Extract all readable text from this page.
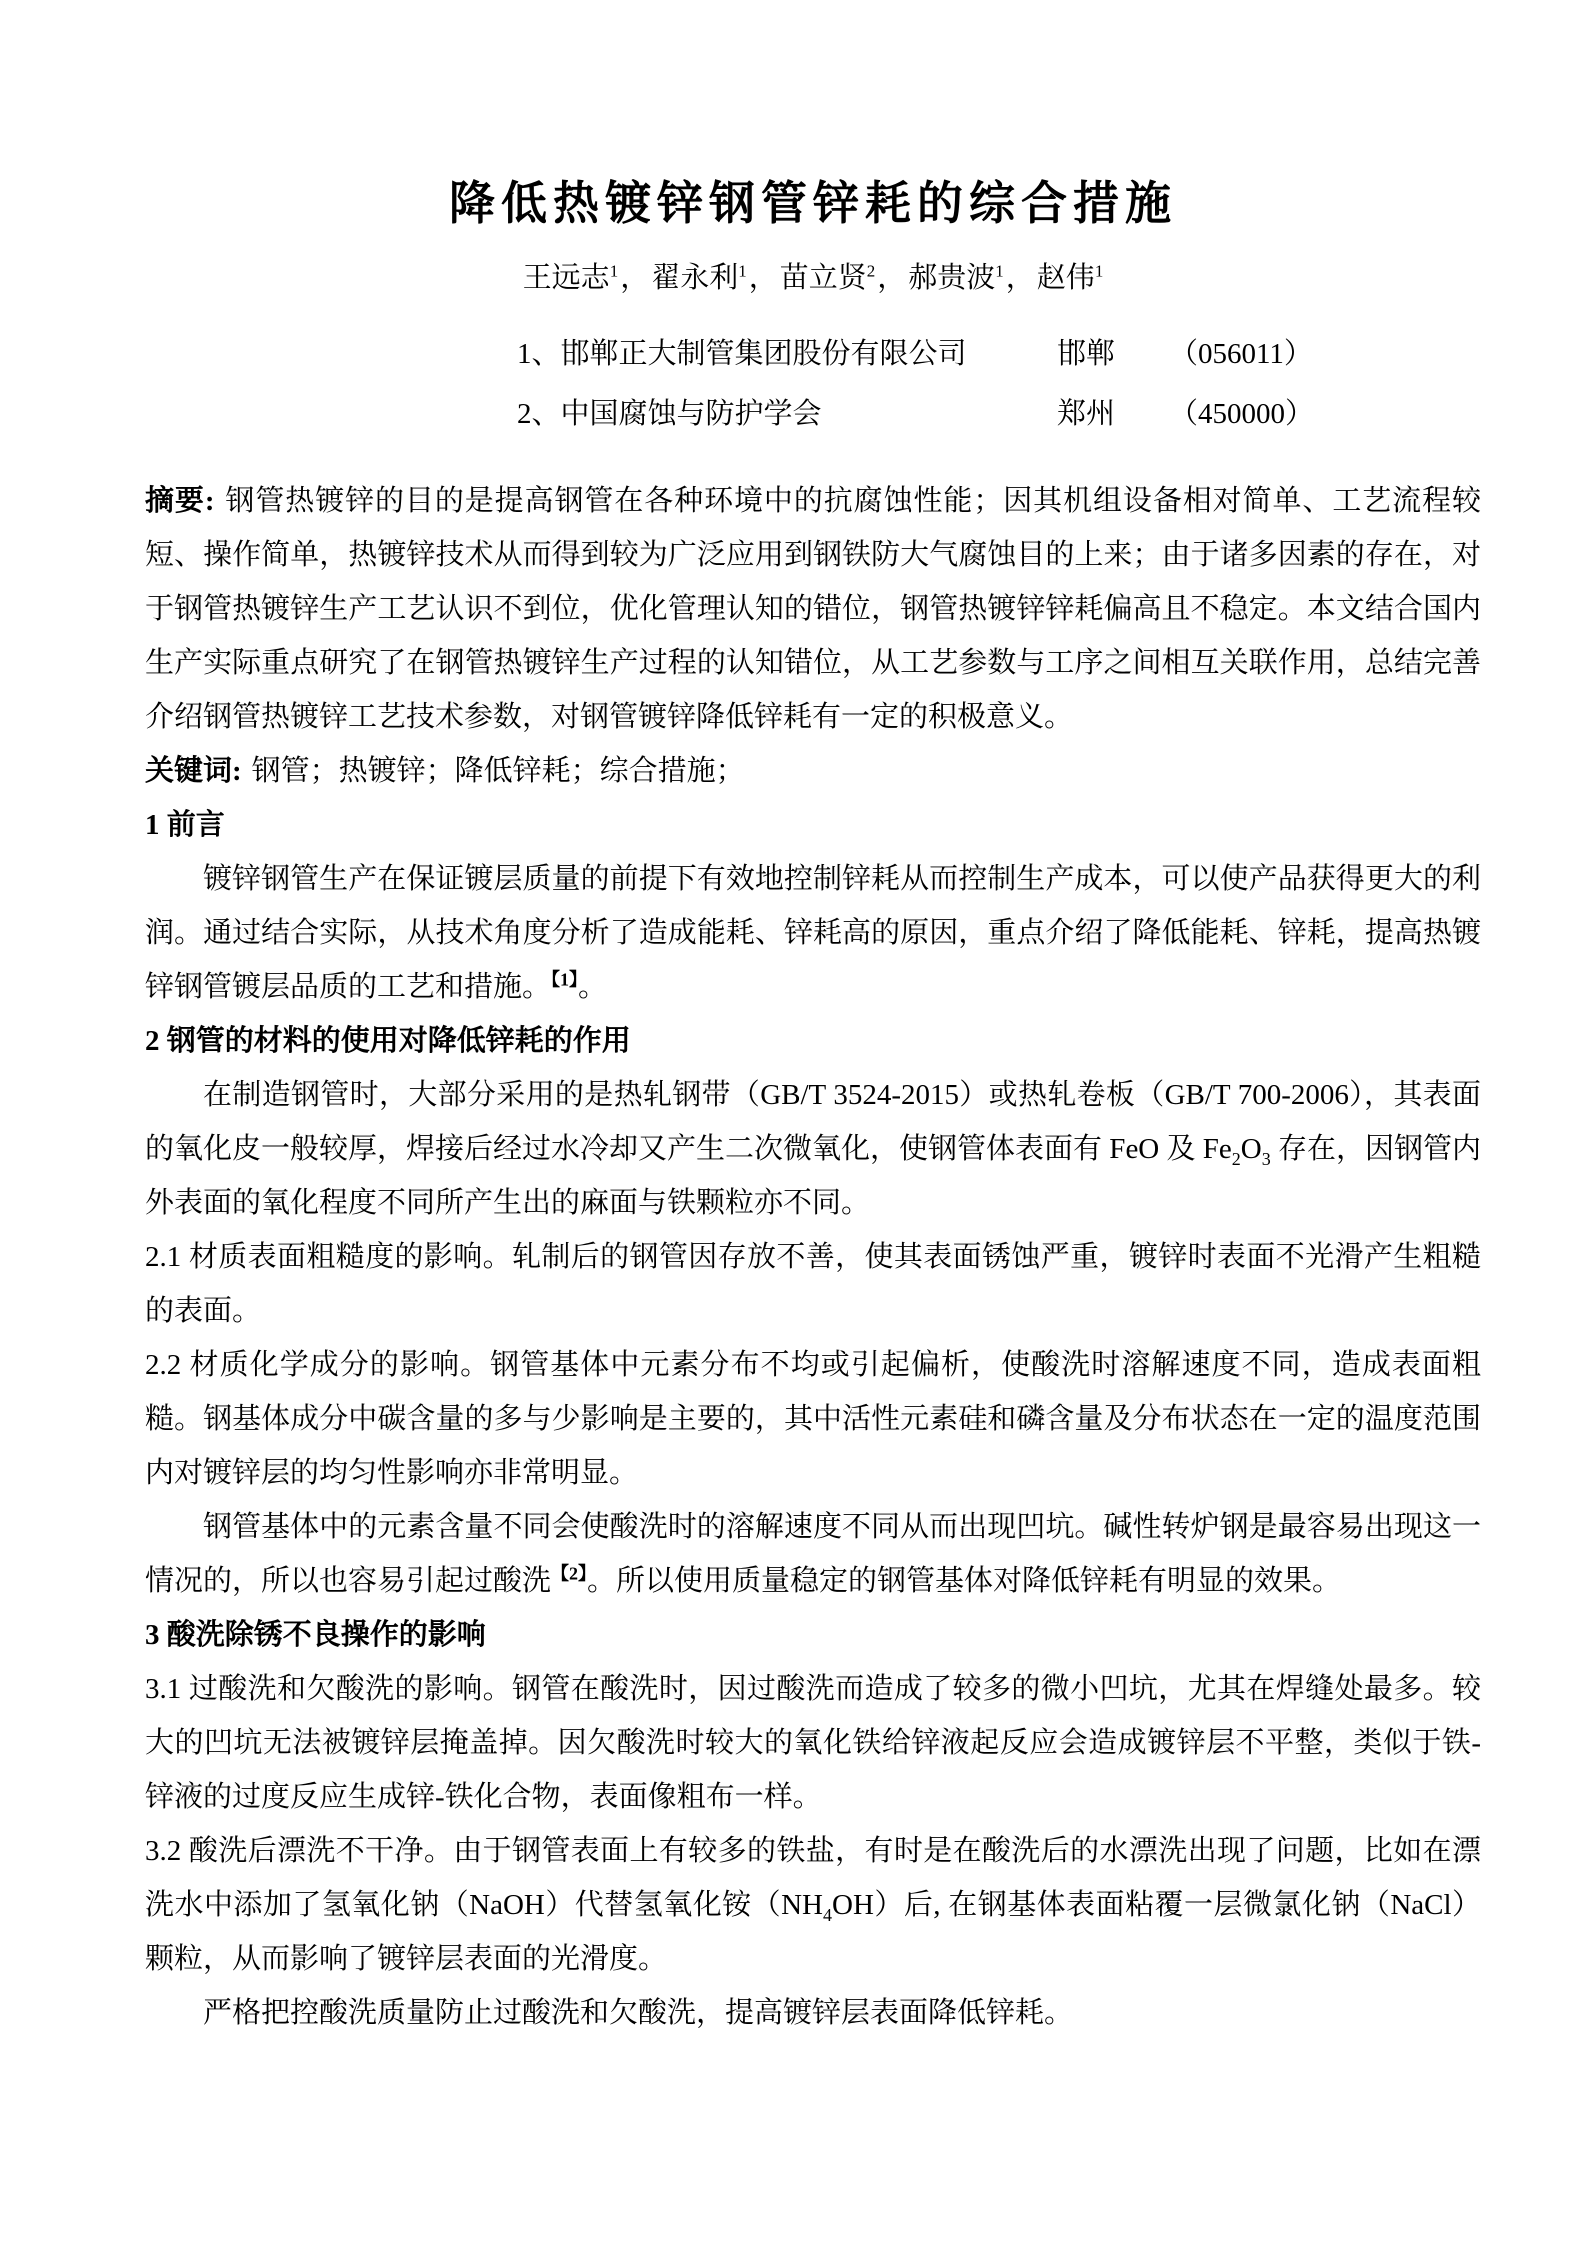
降低热镀锌钢管锌耗的综合措施
王远志$^1$，翟永利$^1$，苗立贤$^2$，郝贵波$^1$，赵伟$^1$
1、邯郸正大制管集团股份有限公司	邯郸	（056011）
2、中国腐蚀与防护学会	郑州	（450000）

摘要: 钢管热镀锌的目的是提高钢管在各种环境中的抗腐蚀性能；因其机组设备相对简单、工艺流程较短、操作简单，热镀锌技术从而得到较为广泛应用到钢铁防大气腐蚀目的上来；由于诸多因素的存在，对于钢管热镀锌生产工艺认识不到位，优化管理认知的错位，钢管热镀锌锌耗偏高且不稳定。本文结合国内生产实际重点研究了在钢管热镀锌生产过程的认知错位，从工艺参数与工序之间相互关联作用，总结完善介绍钢管热镀锌工艺技术参数，对钢管镀锌降低锌耗有一定的积极意义。

关键词: 钢管；热镀锌；降低锌耗；综合措施；

1 前言

镀锌钢管生产在保证镀层质量的前提下有效地控制锌耗从而控制生产成本，可以使产品获得更大的利润。通过结合实际，从技术角度分析了造成能耗、锌耗高的原因，重点介绍了降低能耗、锌耗，提高热镀锌钢管镀层品质的工艺和措施。$^{【1】}$。

2 钢管的材料的使用对降低锌耗的作用

在制造钢管时，大部分采用的是热轧钢带（GB/T 3524-2015）或热轧卷板（GB/T 700-2006），其表面的氧化皮一般较厚，焊接后经过水冷却又产生二次微氧化，使钢管体表面有 FeO 及 $Fe_2O_3$ 存在，因钢管内外表面的氧化程度不同所产生出的麻面与铁颗粒亦不同。

2.1 材质表面粗糙度的影响。轧制后的钢管因存放不善，使其表面锈蚀严重，镀锌时表面不光滑产生粗糙的表面。

2.2 材质化学成分的影响。钢管基体中元素分布不均或引起偏析，使酸洗时溶解速度不同，造成表面粗糙。钢基体成分中碳含量的多与少影响是主要的，其中活性元素硅和磷含量及分布状态在一定的温度范围内对镀锌层的均匀性影响亦非常明显。

钢管基体中的元素含量不同会使酸洗时的溶解速度不同从而出现凹坑。碱性转炉钢是最容易出现这一情况的，所以也容易引起过酸洗$^{【2】}$。所以使用质量稳定的钢管基体对降低锌耗有明显的效果。

3 酸洗除锈不良操作的影响

3.1 过酸洗和欠酸洗的影响。钢管在酸洗时，因过酸洗而造成了较多的微小凹坑，尤其在焊缝处最多。较大的凹坑无法被镀锌层掩盖掉。因欠酸洗时较大的氧化铁给锌液起反应会造成镀锌层不平整，类似于铁-锌液的过度反应生成锌-铁化合物，表面像粗布一样。

3.2 酸洗后漂洗不干净。由于钢管表面上有较多的铁盐，有时是在酸洗后的水漂洗出现了问题，比如在漂洗水中添加了氢氧化钠（NaOH）代替氢氧化铵$(NH_4OH)$后, 在钢基体表面粘覆一层微氯化钠（NaCl）颗粒，从而影响了镀锌层表面的光滑度。

严格把控酸洗质量防止过酸洗和欠酸洗，提高镀锌层表面降低锌耗。
